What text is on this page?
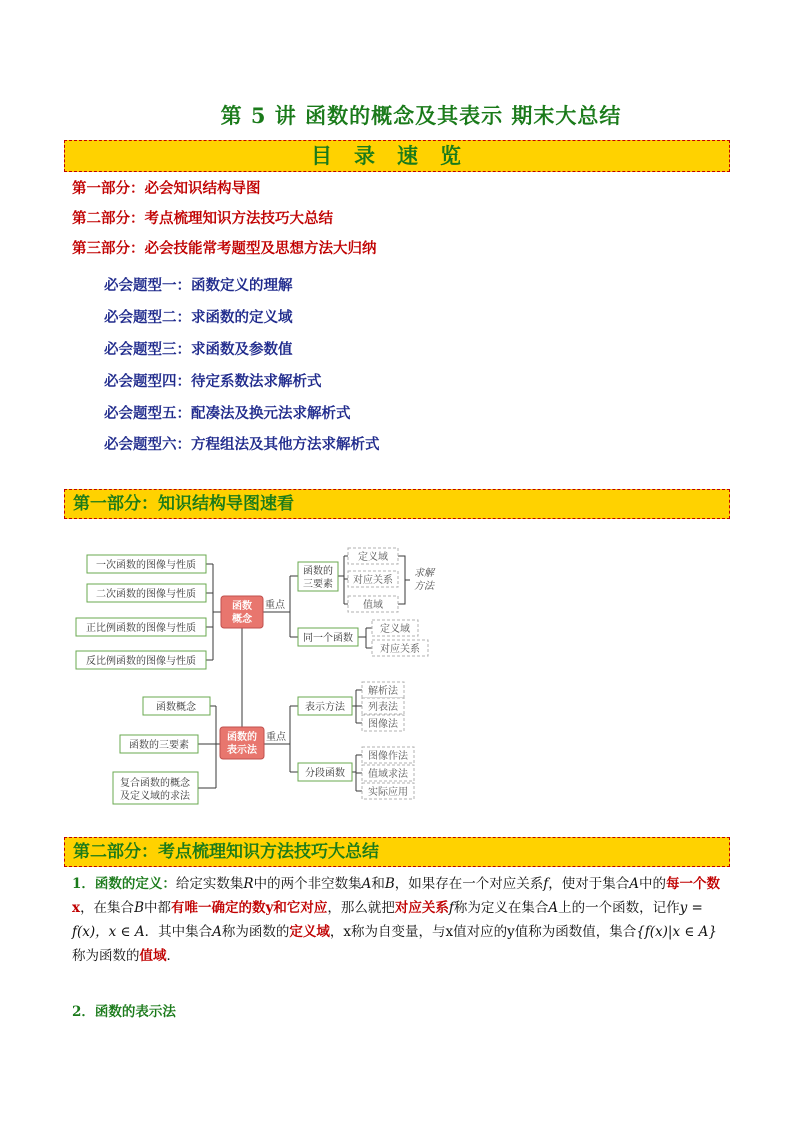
第 5 讲 函数的概念及其表示 期末大总结
目录速览
第一部分：必会知识结构导图
第二部分：考点梳理知识方法技巧大总结
第三部分：必会技能常考题型及思想方法大归纳
必会题型一：函数定义的理解
必会题型二：求函数的定义域
必会题型三：求函数及参数值
必会题型四：待定系数法求解析式
必会题型五：配凑法及换元法求解析式
必会题型六：方程组法及其他方法求解析式
第一部分：知识结构导图速看
一次函数的图像与性质
二次函数的图像与性质
正比例函数的图像与性质
反比例函数的图像与性质
函数概念
函数的三要素
复合函数的概念
及定义域的求法
函数的
三要素
同一个函数
表示方法
分段函数
定义域
对应关系
值域
定义域
对应关系
解析法
列表法
图像法
图像作法
值域求法
实际应用
求解
方法
重点
重点
函数
概念
函数的
表示法
第二部分：考点梳理知识方法技巧大总结
1．函数的定义：给定实数集R中的两个非空数集A和B，如果存在一个对应关系f，使对于集合A中的每一个数x，在集合B中都有唯一确定的数y和它对应，那么就把对应关系f称为定义在集合A上的一个函数，记作y = f(x)，x ∈ A．其中集合A称为函数的定义域，x称为自变量，与x值对应的y值称为函数值，集合{f(x)|x ∈ A}称为函数的值域．
2．函数的表示法
